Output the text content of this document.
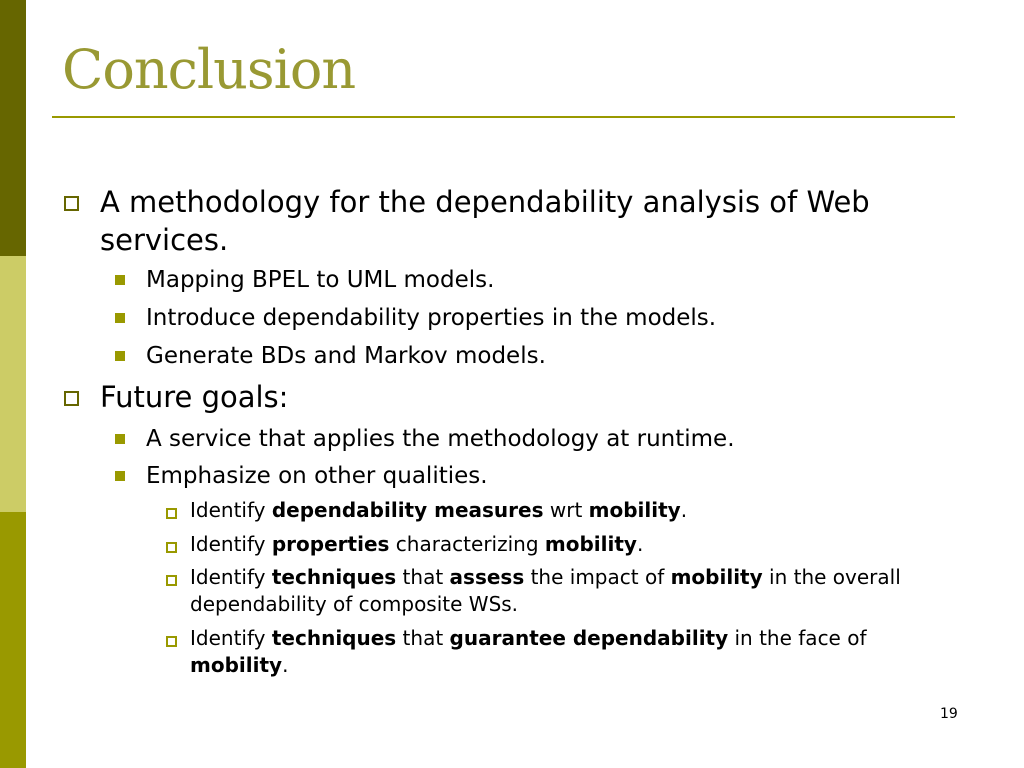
Conclusion
A methodology for the dependability analysis of Web services.
Mapping BPEL to UML models.
Introduce dependability properties in the models.
Generate BDs and Markov models.
Future goals:
A service that applies the methodology at runtime.
Emphasize on other qualities.
Identify dependability measures wrt mobility.
Identify properties characterizing mobility.
Identify techniques that assess the impact of mobility in the overall dependability of composite WSs.
Identify techniques that guarantee dependability in the face of mobility.
19
